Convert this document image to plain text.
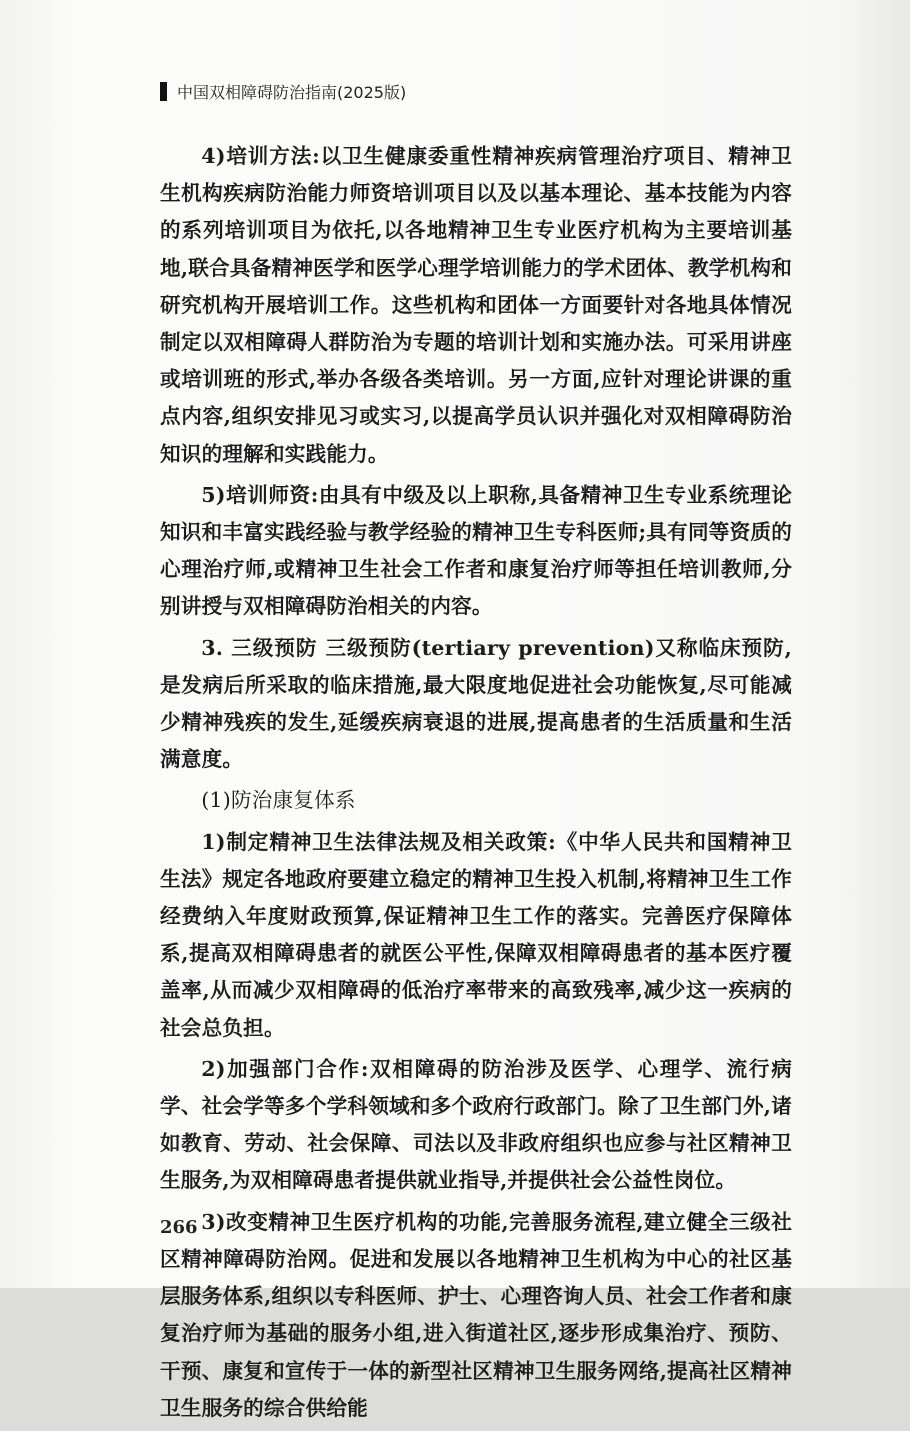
中国双相障碍防治指南(2025版)

4)培训方法:以卫生健康委重性精神疾病管理治疗项目、精神卫生机构疾病防治能力师资培训项目以及以基本理论、基本技能为内容的系列培训项目为依托,以各地精神卫生专业医疗机构为主要培训基地,联合具备精神医学和医学心理学培训能力的学术团体、教学机构和研究机构开展培训工作。这些机构和团体一方面要针对各地具体情况制定以双相障碍人群防治为专题的培训计划和实施办法。可采用讲座或培训班的形式,举办各级各类培训。另一方面,应针对理论讲课的重点内容,组织安排见习或实习,以提高学员认识并强化对双相障碍防治知识的理解和实践能力。

5)培训师资:由具有中级及以上职称,具备精神卫生专业系统理论知识和丰富实践经验与教学经验的精神卫生专科医师;具有同等资质的心理治疗师,或精神卫生社会工作者和康复治疗师等担任培训教师,分别讲授与双相障碍防治相关的内容。

3. 三级预防 三级预防(tertiary prevention)又称临床预防,是发病后所采取的临床措施,最大限度地促进社会功能恢复,尽可能减少精神残疾的发生,延缓疾病衰退的进展,提高患者的生活质量和生活满意度。

(1)防治康复体系

1)制定精神卫生法律法规及相关政策:《中华人民共和国精神卫生法》规定各地政府要建立稳定的精神卫生投入机制,将精神卫生工作经费纳入年度财政预算,保证精神卫生工作的落实。完善医疗保障体系,提高双相障碍患者的就医公平性,保障双相障碍患者的基本医疗覆盖率,从而减少双相障碍的低治疗率带来的高致残率,减少这一疾病的社会总负担。

2)加强部门合作:双相障碍的防治涉及医学、心理学、流行病学、社会学等多个学科领域和多个政府行政部门。除了卫生部门外,诸如教育、劳动、社会保障、司法以及非政府组织也应参与社区精神卫生服务,为双相障碍患者提供就业指导,并提供社会公益性岗位。

3)改变精神卫生医疗机构的功能,完善服务流程,建立健全三级社区精神障碍防治网。促进和发展以各地精神卫生机构为中心的社区基层服务体系,组织以专科医师、护士、心理咨询人员、社会工作者和康复治疗师为基础的服务小组,进入街道社区,逐步形成集治疗、预防、干预、康复和宣传于一体的新型社区精神卫生服务网络,提高社区精神卫生服务的综合供给能

266
